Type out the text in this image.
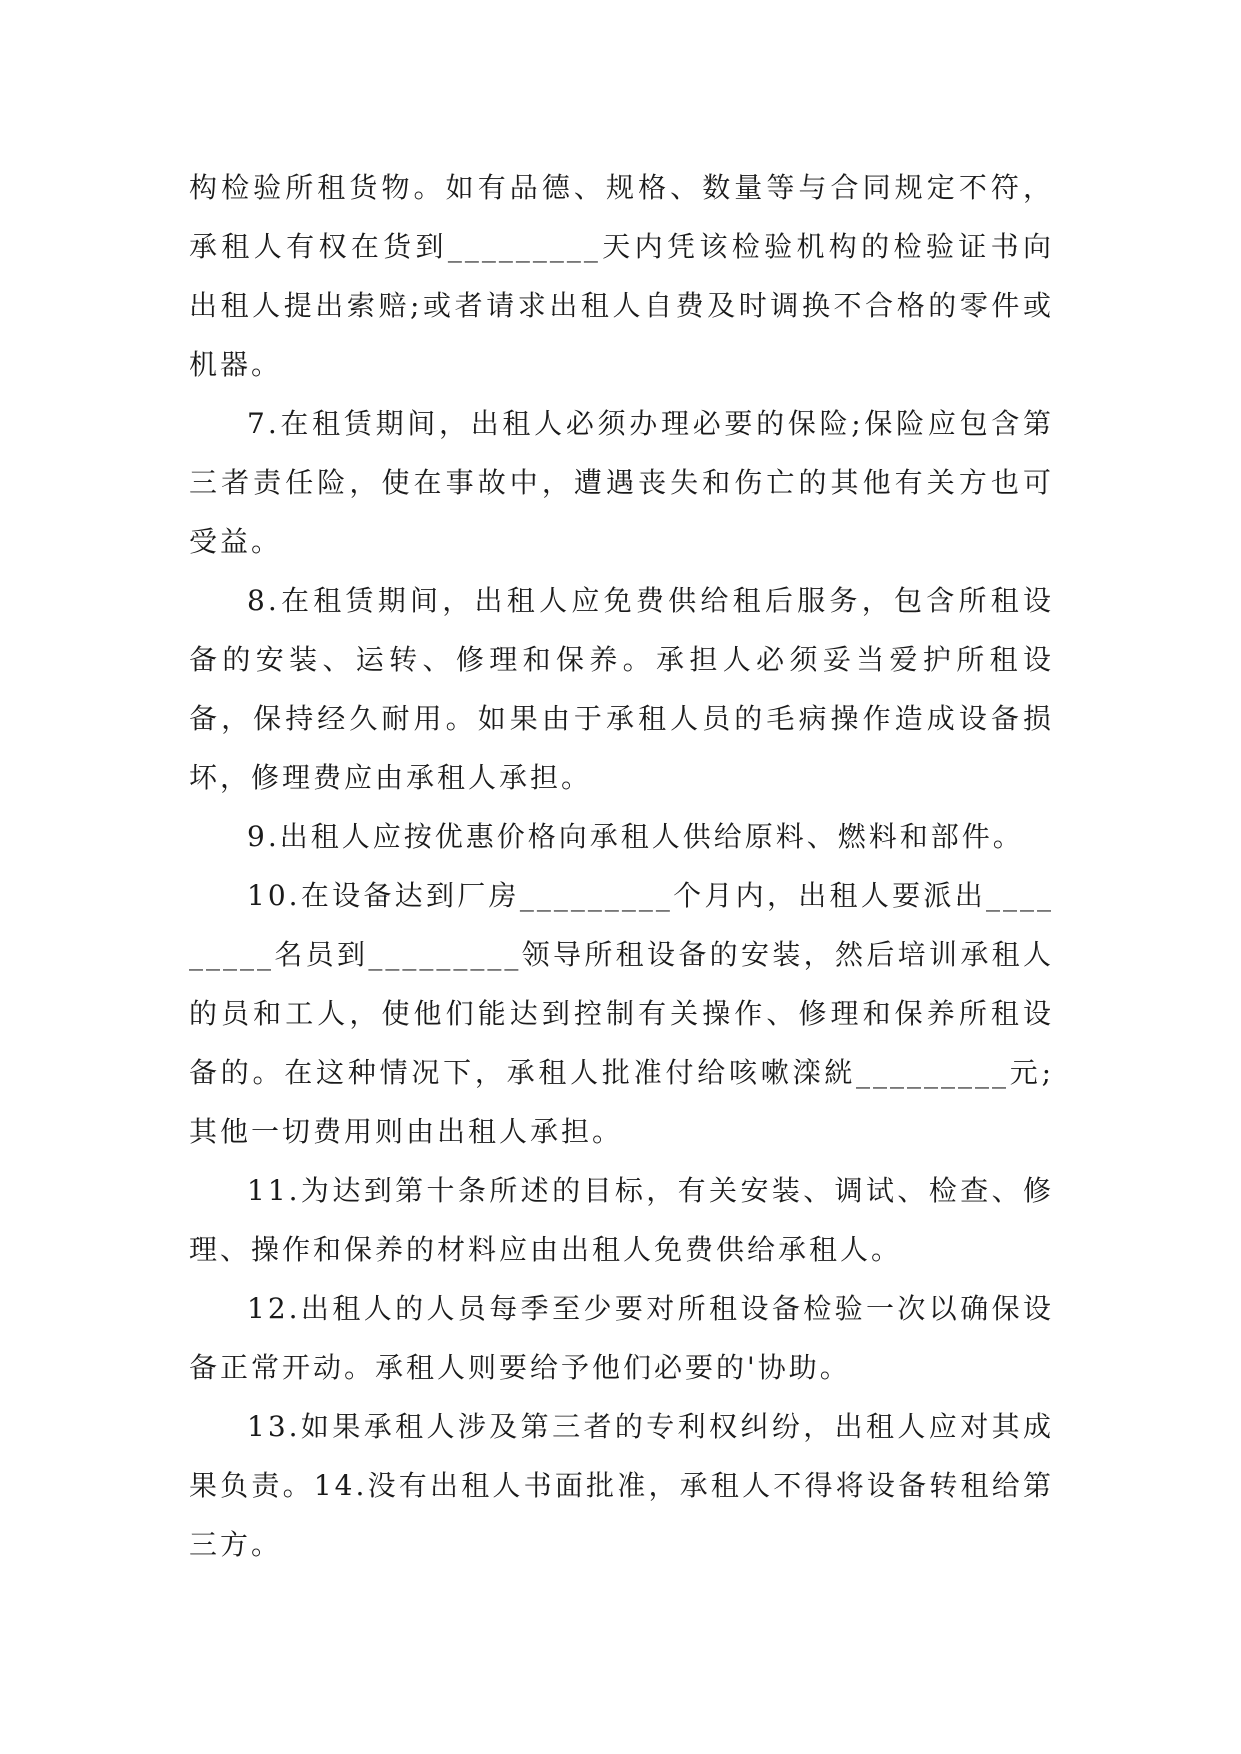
构检验所租货物。如有品德、规格、数量等与合同规定不符，承租人有权在货到_________天内凭该检验机构的检验证书向出租人提出索赔;或者请求出租人自费及时调换不合格的零件或机器。

7.在租赁期间，出租人必须办理必要的保险;保险应包含第三者责任险，使在事故中，遭遇丧失和伤亡的其他有关方也可受益。

8.在租赁期间，出租人应免费供给租后服务，包含所租设备的安装、运转、修理和保养。承担人必须妥当爱护所租设备，保持经久耐用。如果由于承租人员的毛病操作造成设备损坏，修理费应由承租人承担。

9.出租人应按优惠价格向承租人供给原料、燃料和部件。

10.在设备达到厂房_________个月内，出租人要派出_________名员到_________领导所租设备的安装，然后培训承租人的员和工人，使他们能达到控制有关操作、修理和保养所租设备的。在这种情况下，承租人批准付给咳嗽滦絖_________元;其他一切费用则由出租人承担。

11.为达到第十条所述的目标，有关安装、调试、检查、修理、操作和保养的材料应由出租人免费供给承租人。

12.出租人的人员每季至少要对所租设备检验一次以确保设备正常开动。承租人则要给予他们必要的'协助。

13.如果承租人涉及第三者的专利权纠纷，出租人应对其成果负责。14.没有出租人书面批准，承租人不得将设备转租给第三方。
